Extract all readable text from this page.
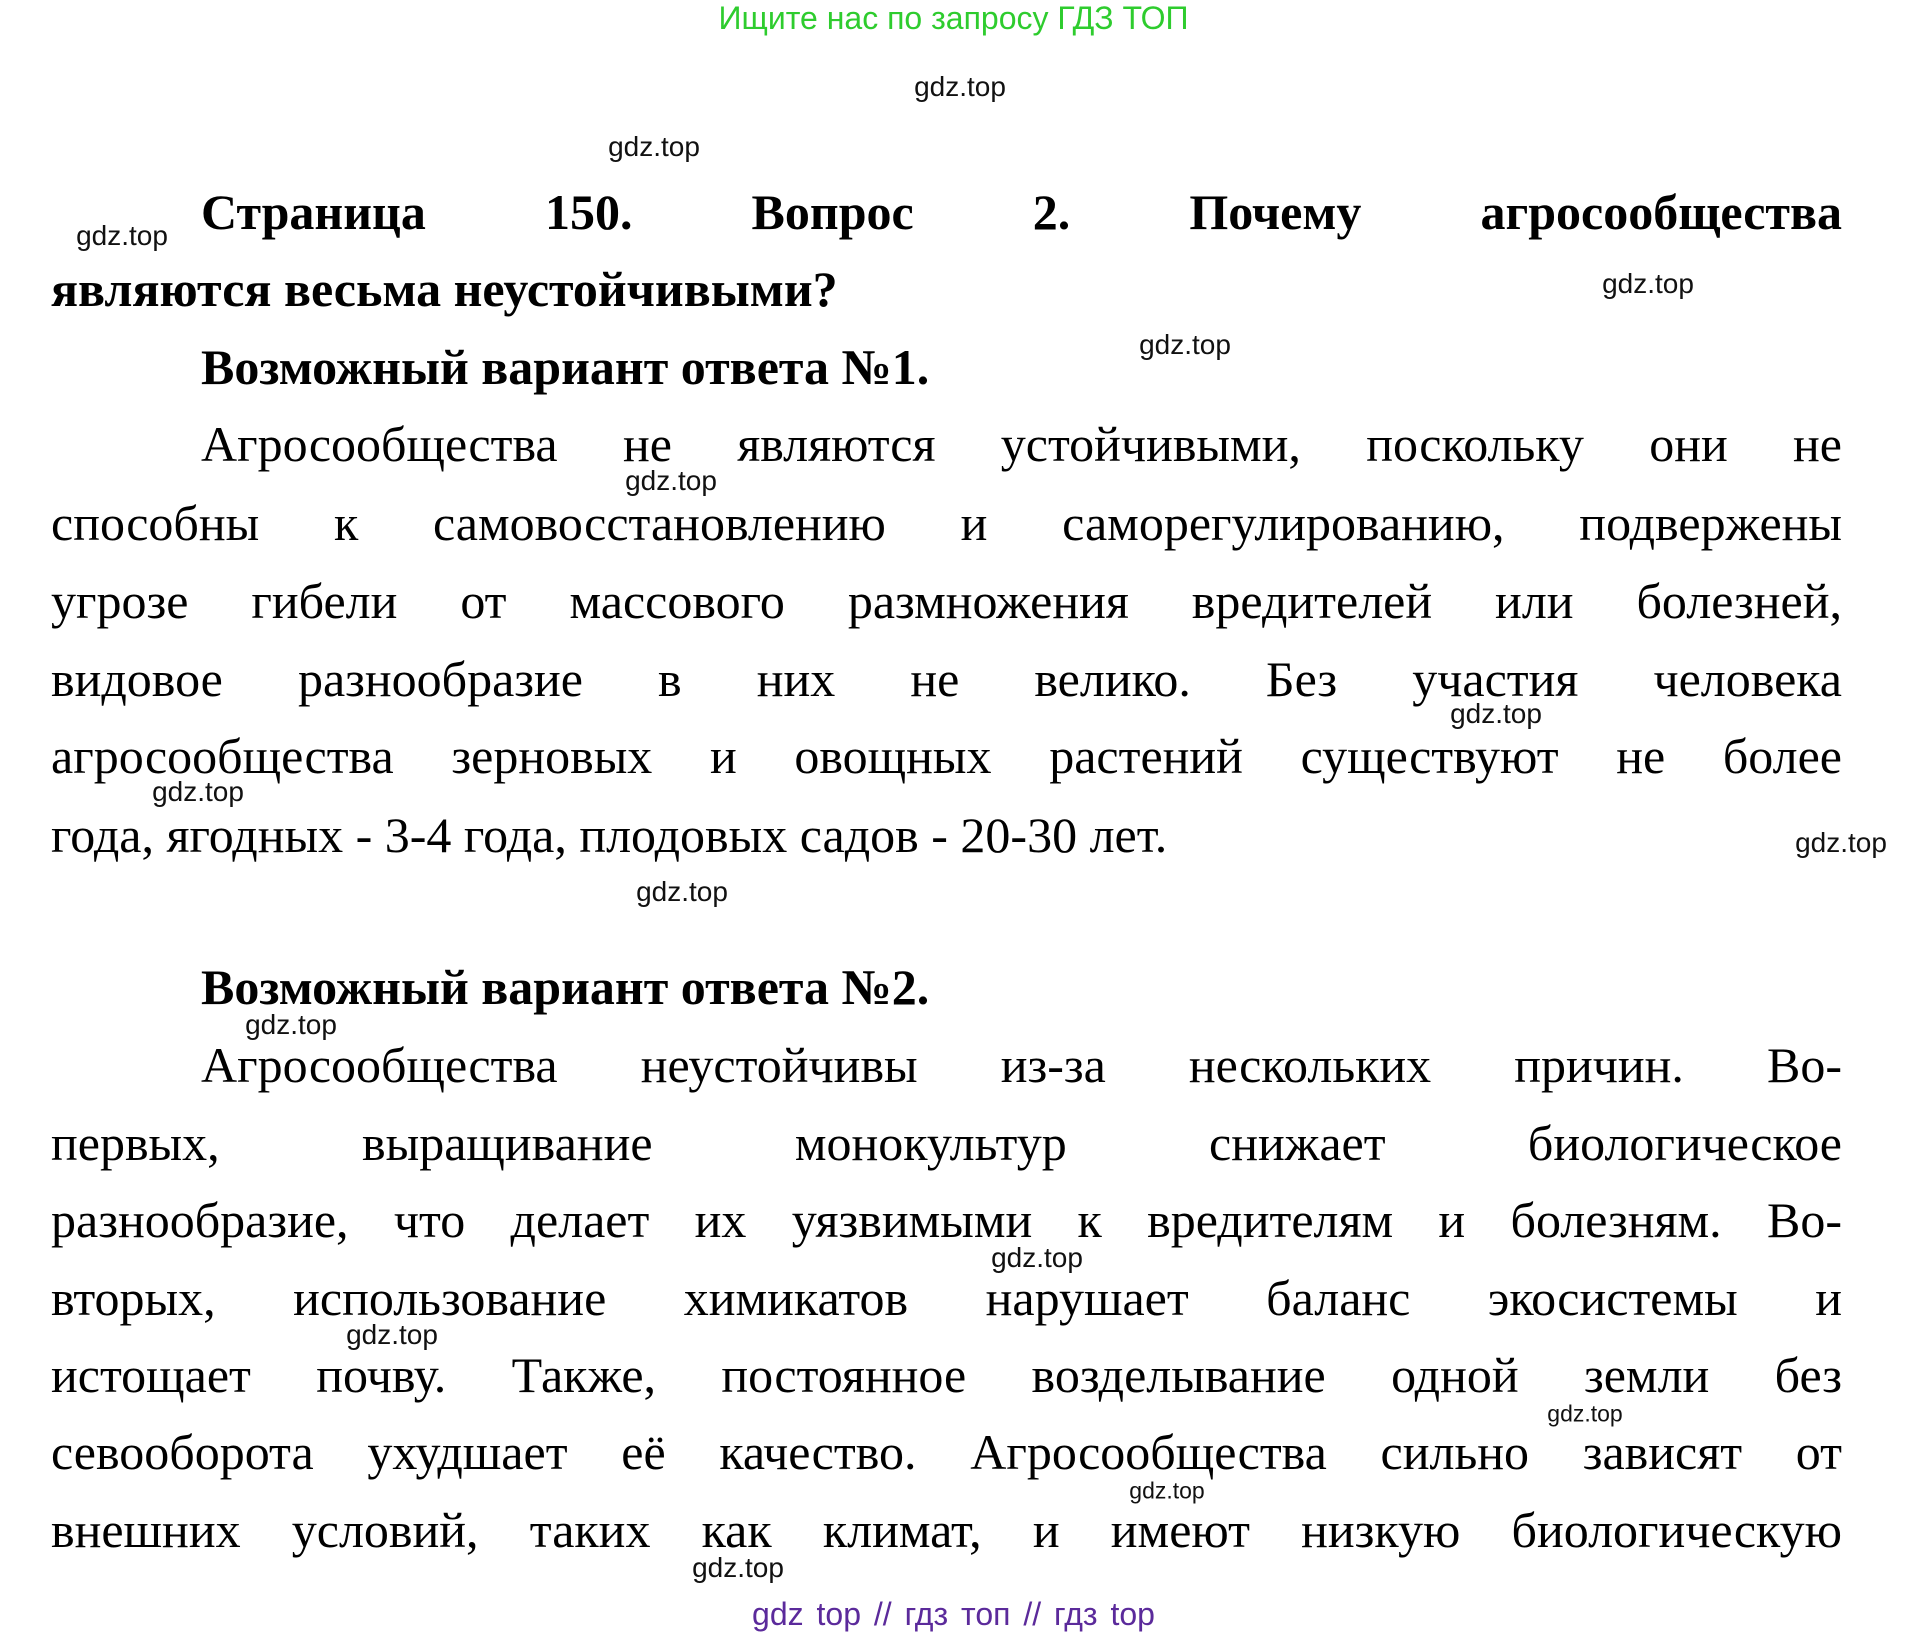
Ищите нас по запросу ГДЗ ТОП
Страница 150. Вопрос 2. Почему агросообщества
являются весьма неустойчивыми?
Возможный вариант ответа №1.
Агросообщества не являются устойчивыми, поскольку они не
способны к самовосстановлению и саморегулированию, подвержены
угрозе гибели от массового размножения вредителей или болезней,
видовое разнообразие в них не велико. Без участия человека
агросообщества зерновых и овощных растений существуют не более
года, ягодных - 3-4 года, плодовых садов - 20-30 лет.
Возможный вариант ответа №2.
Агросообщества неустойчивы из-за нескольких причин. Во-
первых, выращивание монокультур снижает биологическое
разнообразие, что делает их уязвимыми к вредителям и болезням. Во-
вторых, использование химикатов нарушает баланс экосистемы и
истощает почву. Также, постоянное возделывание одной земли без
севооборота ухудшает её качество. Агросообщества сильно зависят от
внешних условий, таких как климат, и имеют низкую биологическую
gdz.top
gdz.top
gdz.top
gdz.top
gdz.top
gdz.top
gdz.top
gdz.top
gdz.top
gdz.top
gdz.top
gdz.top
gdz.top
gdz.top
gdz.top
gdz.top
gdz top // гдз топ // гдз top
